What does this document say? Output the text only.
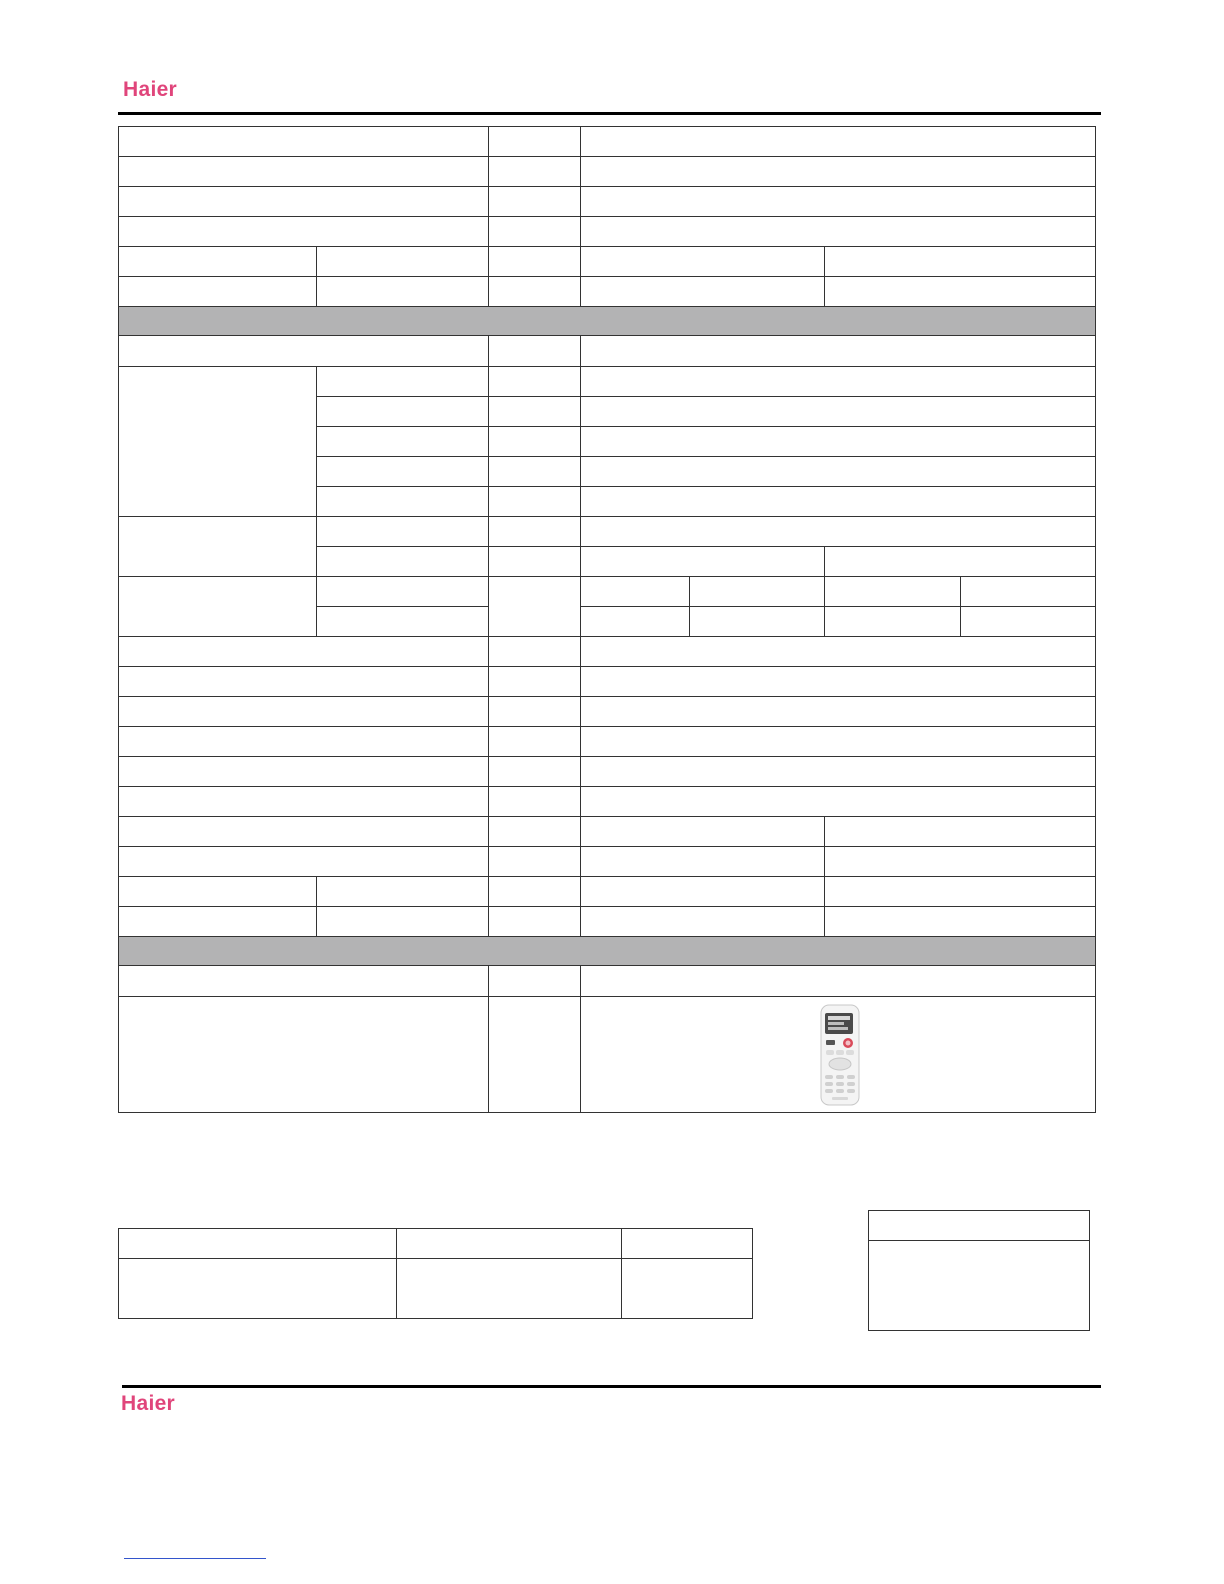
Haier
Haier
